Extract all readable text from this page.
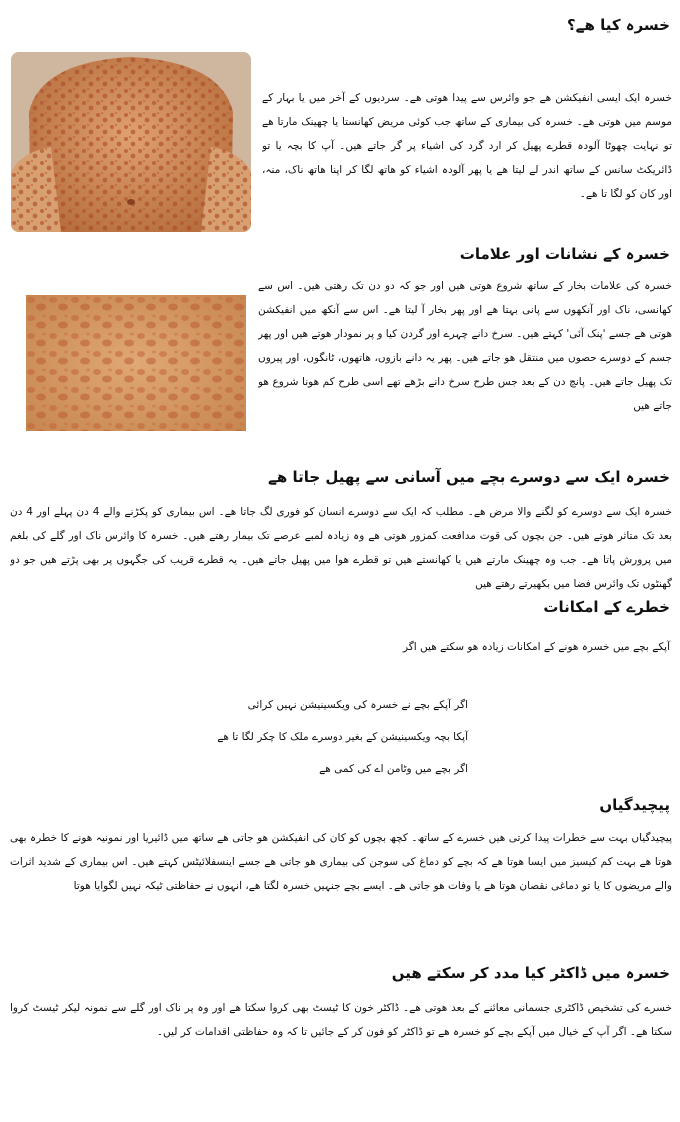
خسرہ کیا ھے؟
خسرہ ایک ایسی انفیکشن ھے جو وائرس سے پیدا ھوتی ھے۔ سردیوں کے آخر میں یا بہار کے موسم میں ھوتی ھے۔ خسرہ کی بیماری کے ساتھ جب کوئی مریض کھانستا یا چھینک مارتا ھے تو نہایت چھوٹا آلودہ قطرے پھیل کر ارد گرد کی اشیاء پر گر جاتے ھیں۔ آپ کا بچہ یا تو ڈائریکٹ سانس کے ساتھ اندر لے لیتا ھے یا پھر آلودہ اشیاء کو ھاتھ لگا کر اپنا ھاتھ ناک، منہ، اور کان کو لگا تا ھے۔
خسرہ کے نشانات اور علامات
خسرہ کی علامات بخار کے ساتھ شروع ھوتی ھیں اور جو کہ دو دن تک رھتی ھیں۔ اس سے کھانسی، ناک اور آنکھوں سے پانی بہتا ھے اور پھر بخار آ لیتا ھے۔ اس سے آنکھ میں انفیکشن ھوتی ھے جسے 'پنک آئی' کہتے ھیں۔ سرخ دانے چہرے اور گردن کیا و پر نمودار ھوتے ھیں اور پھر جسم کے دوسرے حصوں میں منتقل ھو جاتے ھیں۔ پھر یہ دانے بازوں، ھاتھوں، ٹانگوں، اور پیروں تک پھیل جاتے ھیں۔ پانچ دن کے بعد جس طرح سرخ دانے بڑھے تھے اسی طرح کم ھونا شروع ھو جاتے ھیں
خسرہ ایک سے دوسرے بچے میں آسانی سے پھیل جاتا ھے
خسرہ ایک سے دوسرے کو لگنے والا مرض ھے۔ مطلب کہ ایک سے دوسرے انسان کو فوری لگ جاتا ھے۔ اس بیماری کو پکڑنے والے 4 دن پہلے اور 4 دن بعد تک متاثر ھوتے ھیں۔ جن بچوں کی قوت مدافعت کمزور ھوتی ھے وہ زیادہ لمبے عرصے تک بیمار رھتے ھیں۔ خسرہ کا وائرس ناک اور گلے کی بلغم میں پرورش پاتا ھے۔ جب وہ چھینک مارتے ھیں یا کھانستے ھیں تو قطرے ھوا میں پھیل جاتے ھیں۔ یہ قطرے قریب کی جگہوں پر بھی پڑتے ھیں جو دو گھنٹوں تک وائرس فضا میں بکھیرتے رھتے ھیں
خطرے کے امکانات
آپکے بچے میں خسرہ ھونے کے امکانات زیادہ ھو سکتے ھیں اگر
اگر آپکے بچے نے خسرہ کی ویکسینیشن نہیں کرائی
آپکا بچہ ویکسینیشن کے بغیر دوسرے ملک کا چکر لگا تا ھے
اگر بچے میں وٹامن اے کی کمی ھے
پیچیدگیاں
پیچیدگیاں بہت سے خطرات پیدا کرتی ھیں خسرے کے ساتھ۔ کچھ بچوں کو کان کی انفیکشن ھو جاتی ھے ساتھ میں ڈائیریا اور نمونیہ ھونے کا خطرہ بھی ھوتا ھے بہت کم کیسیز میں ایسا ھوتا ھے کہ بچے کو دماغ کی سوجن کی بیماری ھو جاتی ھے جسے اینسفلائیٹس کہتے ھیں۔ اس بیماری کے شدید اثرات والے مریضوں کا یا تو دماغی نقصان ھوتا ھے یا وفات ھو جاتی ھے۔ ایسے بچے جنہیں خسرہ لگتا ھے، انہوں نے حفاظتی ٹیکہ نہیں لگوایا ھوتا
خسرہ میں ڈاکٹر کیا مدد کر سکتے ھیں
خسرے کی تشخیص ڈاکٹری جسمانی معائنے کے بعد ھوتی ھے۔ ڈاکٹر خون کا ٹیسٹ بھی کروا سکتا ھے اور وہ پر ناک اور گلے سے نمونہ لیکر ٹیسٹ کروا سکتا ھے۔ اگر آپ کے خیال میں آپکے بچے کو خسرہ ھے تو ڈاکٹر کو فون کر کے جائیں تا کہ وہ حفاظتی اقدامات کر لیں۔
